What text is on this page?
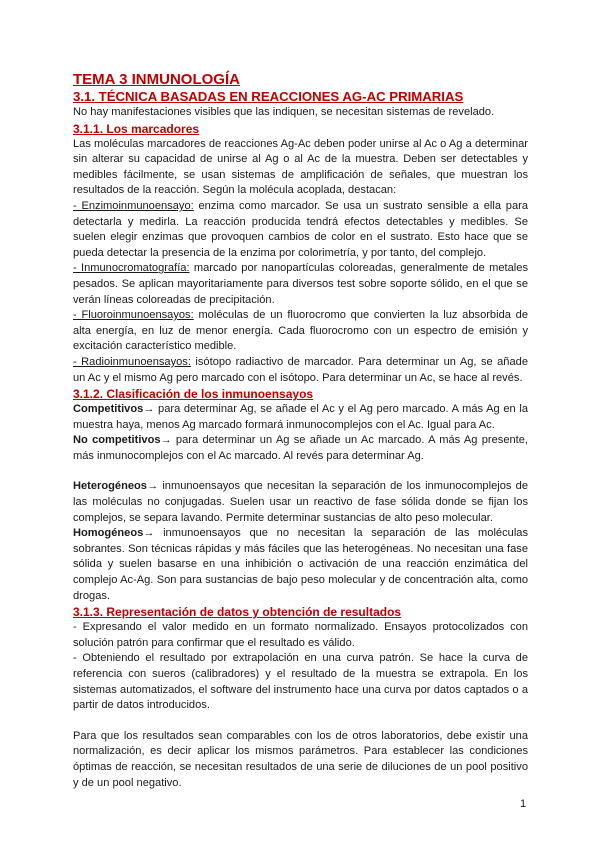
TEMA 3 INMUNOLOGÍA
3.1. TÉCNICA BASADAS EN REACCIONES AG-AC PRIMARIAS

No hay manifestaciones visibles que las indiquen, se necesitan sistemas de revelado.

3.1.1. Los marcadores

Las moléculas marcadores de reacciones Ag-Ac deben poder unirse al Ac o Ag a determinar sin alterar su capacidad de unirse al Ag o al Ac de la muestra. Deben ser detectables y medibles fácilmente, se usan sistemas de amplificación de señales, que muestran los resultados de la reacción. Según la molécula acoplada, destacan:

- Enzimoinmunoensayo: enzima como marcador. Se usa un sustrato sensible a ella para detectarla y medirla. La reacción producida tendrá efectos detectables y medibles. Se suelen elegir enzimas que provoquen cambios de color en el sustrato. Esto hace que se pueda detectar la presencia de la enzima por colorimetría, y por tanto, del complejo.

- Inmunocromatografía: marcado por nanopartículas coloreadas, generalmente de metales pesados. Se aplican mayoritariamente para diversos test sobre soporte sólido, en el que se verán líneas coloreadas de precipitación.

- Fluoroinmunoensayos: moléculas de un fluorocromo que convierten la luz absorbida de alta energía, en luz de menor energía. Cada fluorocromo con un espectro de emisión y excitación característico medible.

- Radioinmunoensayos: isótopo radiactivo de marcador. Para determinar un Ag, se añade un Ac y el mismo Ag pero marcado con el isótopo. Para determinar un Ac, se hace al revés.

3.1.2. Clasificación de los inmunoensayos

Competitivos→ para determinar Ag, se añade el Ac y el Ag pero marcado. A más Ag en la muestra haya, menos Ag marcado formará inmunocomplejos con el Ac. Igual para Ac.

No competitivos→ para determinar un Ag se añade un Ac marcado. A más Ag presente, más inmunocomplejos con el Ac marcado. Al revés para determinar Ag.

Heterogéneos→ inmunoensayos que necesitan la separación de los inmunocomplejos de las moléculas no conjugadas. Suelen usar un reactivo de fase sólida donde se fijan los complejos, se separa lavando. Permite determinar sustancias de alto peso molecular.

Homogéneos→ inmunoensayos que no necesitan la separación de las moléculas sobrantes. Son técnicas rápidas y más fáciles que las heterogéneas. No necesitan una fase sólida y suelen basarse en una inhibición o activación de una reacción enzimática del complejo Ac-Ag. Son para sustancias de bajo peso molecular y de concentración alta, como drogas.

3.1.3. Representación de datos y obtención de resultados

- Expresando el valor medido en un formato normalizado. Ensayos protocolizados con solución patrón para confirmar que el resultado es válido.

- Obteniendo el resultado por extrapolación en una curva patrón. Se hace la curva de referencia con sueros (calibradores) y el resultado de la muestra se extrapola. En los sistemas automatizados, el software del instrumento hace una curva por datos captados o a partir de datos introducidos.

Para que los resultados sean comparables con los de otros laboratorios, debe existir una normalización, es decir aplicar los mismos parámetros. Para establecer las condiciones óptimas de reacción, se necesitan resultados de una serie de diluciones de un pool positivo y de un pool negativo.

1
